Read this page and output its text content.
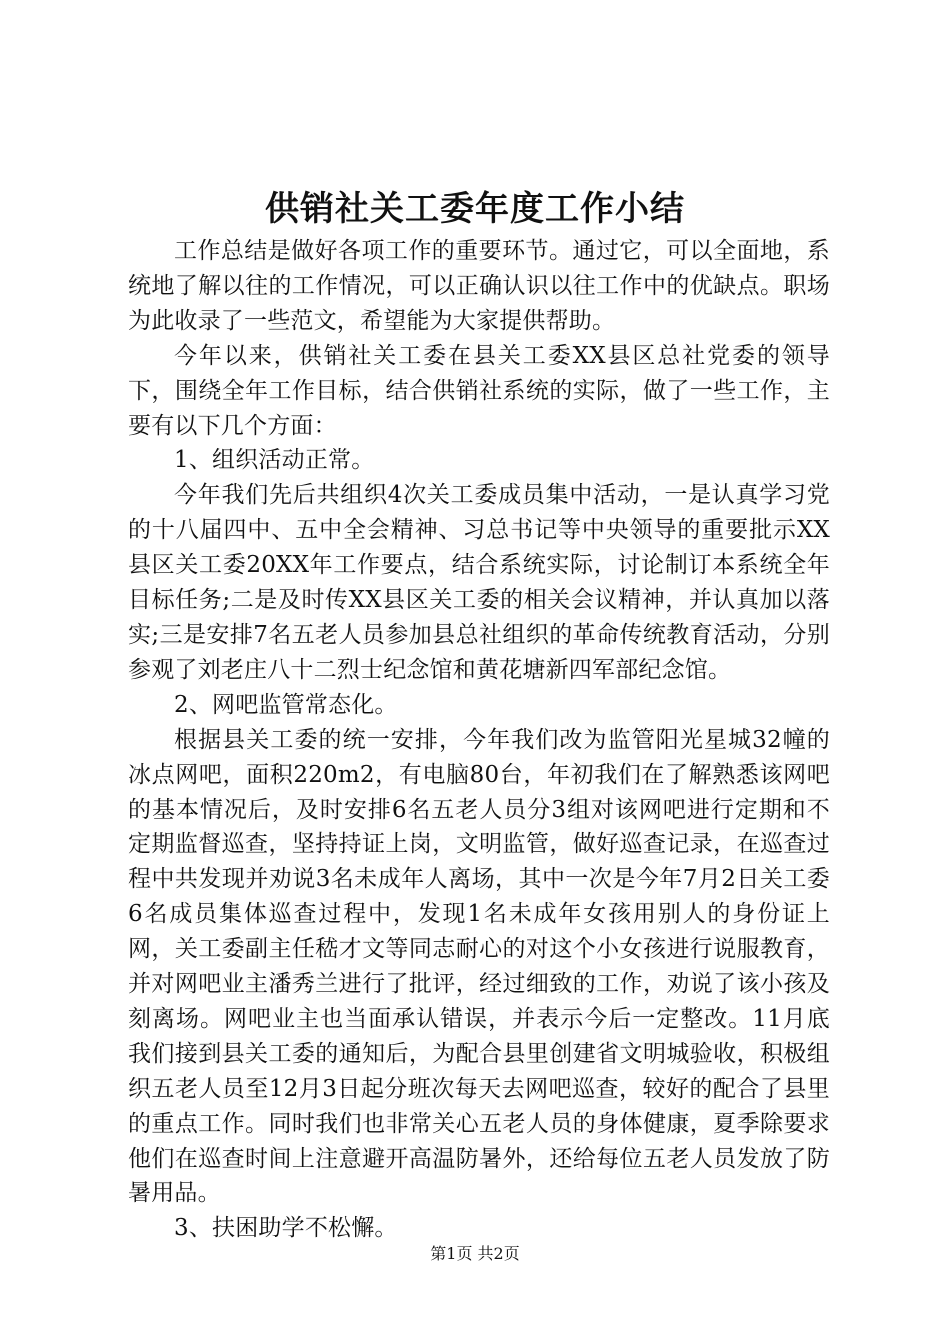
供销社关工委年度工作小结

工作总结是做好各项工作的重要环节。通过它，可以全面地，系统地了解以往的工作情况，可以正确认识以往工作中的优缺点。职场为此收录了一些范文，希望能为大家提供帮助。

今年以来，供销社关工委在县关工委XX县区总社党委的领导下，围绕全年工作目标，结合供销社系统的实际，做了一些工作，主要有以下几个方面：

1、组织活动正常。

今年我们先后共组织4次关工委成员集中活动，一是认真学习党的十八届四中、五中全会精神、习总书记等中央领导的重要批示XX县区关工委20XX年工作要点，结合系统实际，讨论制订本系统全年目标任务;二是及时传XX县区关工委的相关会议精神，并认真加以落实;三是安排7名五老人员参加县总社组织的革命传统教育活动，分别参观了刘老庄八十二烈士纪念馆和黄花塘新四军部纪念馆。

2、网吧监管常态化。

根据县关工委的统一安排，今年我们改为监管阳光星城32幢的冰点网吧，面积220m2，有电脑80台，年初我们在了解熟悉该网吧的基本情况后，及时安排6名五老人员分3组对该网吧进行定期和不定期监督巡查，坚持持证上岗，文明监管，做好巡查记录，在巡查过程中共发现并劝说3名未成年人离场，其中一次是今年7月2日关工委6名成员集体巡查过程中，发现1名未成年女孩用别人的身份证上网，关工委副主任嵇才文等同志耐心的对这个小女孩进行说服教育，并对网吧业主潘秀兰进行了批评，经过细致的工作，劝说了该小孩及刻离场。网吧业主也当面承认错误，并表示今后一定整改。11月底我们接到县关工委的通知后，为配合县里创建省文明城验收，积极组织五老人员至12月3日起分班次每天去网吧巡查，较好的配合了县里的重点工作。同时我们也非常关心五老人员的身体健康，夏季除要求他们在巡查时间上注意避开高温防暑外，还给每位五老人员发放了防暑用品。

3、扶困助学不松懈。

第1页 共2页
